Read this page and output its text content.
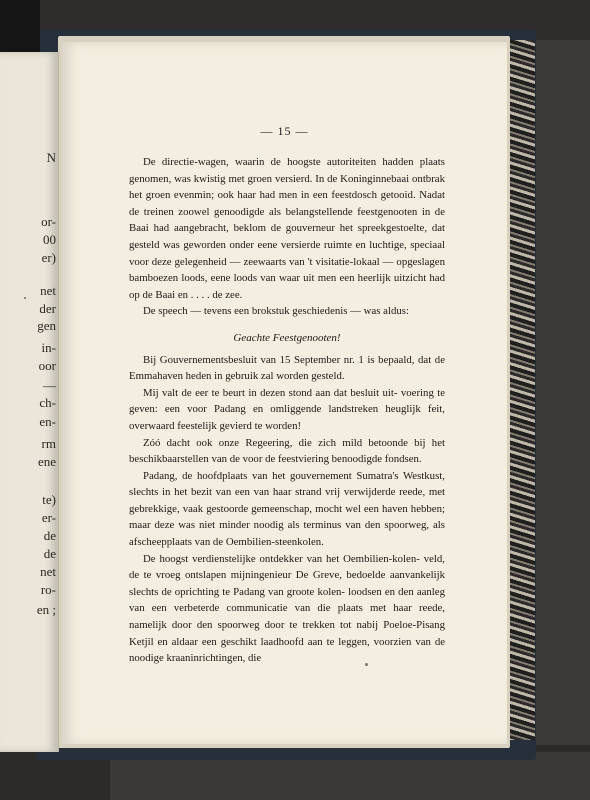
N
or-
00
er)
net
der
gen
in-
oor
—
ch-
en-
rm
ene
te)
er-
de
de
net
ro-
en ;
— 15 —

De directie-wagen, waarin de hoogste autoriteiten hadden plaats genomen, was kwistig met groen versierd. In de Koninginnebaai ontbrak het groen evenmin; ook haar had men in een feestdosch getooid. Nadat de treinen zoowel genoodigde als belangstellende feestgenooten in de Baai had aangebracht, beklom de gouverneur het spreekgestoelte, dat gesteld was geworden onder eene versierde ruimte en luchtige, speciaal voor deze gelegenheid — zeewaarts van 't visitatie-lokaal — opgeslagen bamboezen loods, eene loods van waar uit men een heerlijk uitzicht had op de Baai en . . . . de zee.

De speech — tevens een brokstuk geschiedenis — was aldus:

Geachte Feestgenooten!

Bij Gouvernementsbesluit van 15 September nr. 1 is bepaald, dat de Emmahaven heden in gebruik zal worden gesteld.

Mij valt de eer te beurt in dezen stond aan dat besluit uit- voering te geven: een voor Padang en omliggende landstreken heuglijk feit, overwaard feestelijk gevierd te worden!

Zóó dacht ook onze Regeering, die zich mild betoonde bij het beschikbaarstellen van de voor de feestviering benoodigde fondsen.

Padang, de hoofdplaats van het gouvernement Sumatra's Westkust, slechts in het bezit van een van haar strand vrij verwijderde reede, met gebrekkige, vaak gestoorde gemeenschap, mocht wel een haven hebben; maar deze was niet minder noodig als terminus van den spoorweg, als afscheepplaats van de Oembilien-steenkolen.

De hoogst verdienstelijke ontdekker van het Oembilien-kolen- veld, de te vroeg ontslapen mijningenieur De Greve, bedoelde aanvankelijk slechts de oprichting te Padang van groote kolen- loodsen en den aanleg van een verbeterde communicatie van die plaats met haar reede, namelijk door den spoorweg door te trekken tot nabij Poeloe-Pisang Ketjil en aldaar een geschikt laadhoofd aan te leggen, voorzien van de noodige kraaninrichtingen, die
